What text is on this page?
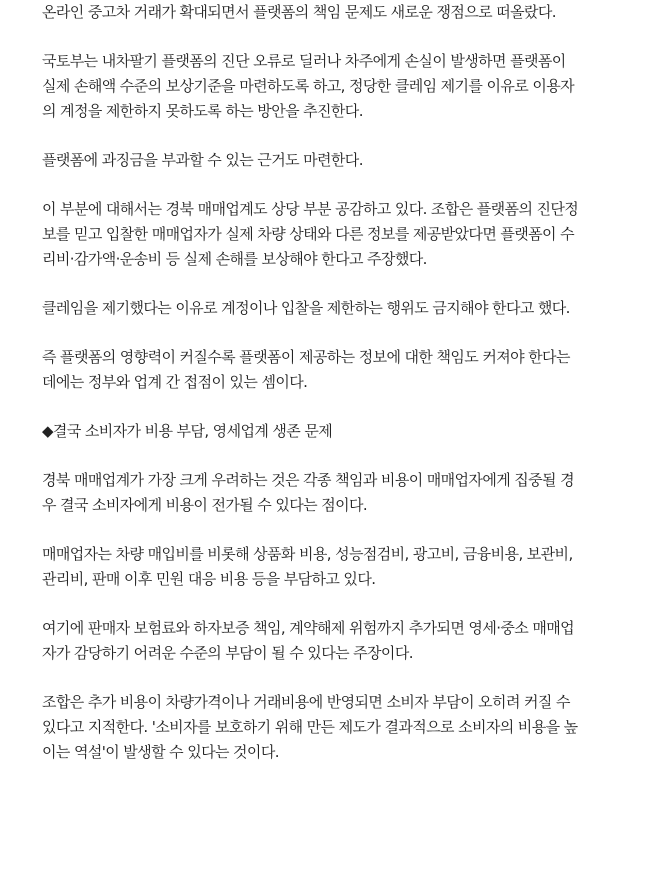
온라인 중고차 거래가 확대되면서 플랫폼의 책임 문제도 새로운 쟁점으로 떠올랐다.
국토부는 내차팔기 플랫폼의 진단 오류로 딜러나 차주에게 손실이 발생하면 플랫폼이
실제 손해액 수준의 보상기준을 마련하도록 하고, 정당한 클레임 제기를 이유로 이용자
의 계정을 제한하지 못하도록 하는 방안을 추진한다.
플랫폼에 과징금을 부과할 수 있는 근거도 마련한다.
이 부분에 대해서는 경북 매매업계도 상당 부분 공감하고 있다. 조합은 플랫폼의 진단정
보를 믿고 입찰한 매매업자가 실제 차량 상태와 다른 정보를 제공받았다면 플랫폼이 수
리비·감가액·운송비 등 실제 손해를 보상해야 한다고 주장했다.
클레임을 제기했다는 이유로 계정이나 입찰을 제한하는 행위도 금지해야 한다고 했다.
즉 플랫폼의 영향력이 커질수록 플랫폼이 제공하는 정보에 대한 책임도 커져야 한다는
데에는 정부와 업계 간 접점이 있는 셈이다.
◆결국 소비자가 비용 부담, 영세업계 생존 문제
경북 매매업계가 가장 크게 우려하는 것은 각종 책임과 비용이 매매업자에게 집중될 경
우 결국 소비자에게 비용이 전가될 수 있다는 점이다.
매매업자는 차량 매입비를 비롯해 상품화 비용, 성능점검비, 광고비, 금융비용, 보관비,
관리비, 판매 이후 민원 대응 비용 등을 부담하고 있다.
여기에 판매자 보험료와 하자보증 책임, 계약해제 위험까지 추가되면 영세·중소 매매업
자가 감당하기 어려운 수준의 부담이 될 수 있다는 주장이다.
조합은 추가 비용이 차량가격이나 거래비용에 반영되면 소비자 부담이 오히려 커질 수
있다고 지적한다. '소비자를 보호하기 위해 만든 제도가 결과적으로 소비자의 비용을 높
이는 역설'이 발생할 수 있다는 것이다.
